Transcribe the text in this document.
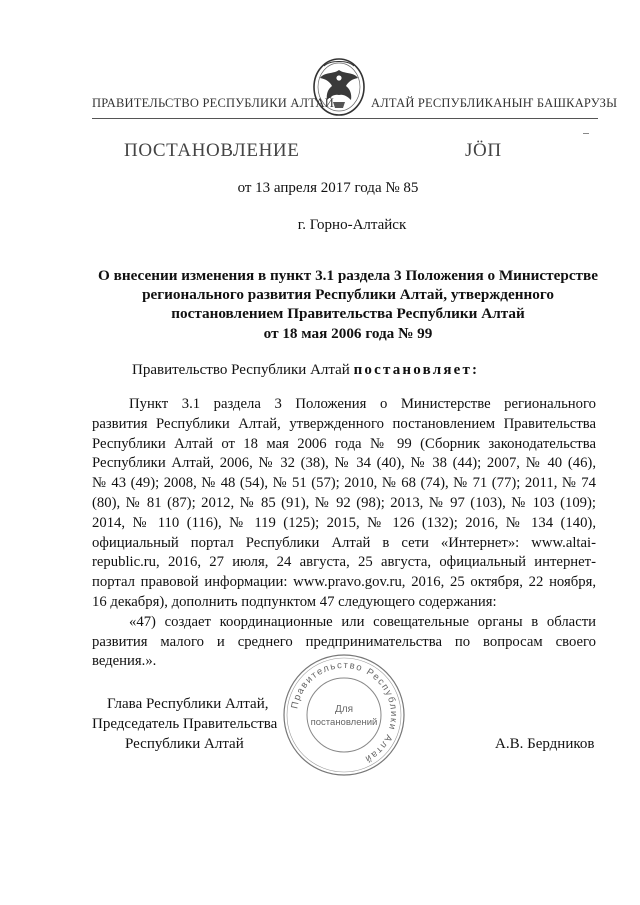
ПРАВИТЕЛЬСТВО РЕСПУБЛИКИ АЛТАЙ	АЛТАЙ РЕСПУБЛИКАНЫҤ БАШКАРУЗЫ
ПОСТАНОВЛЕНИЕ	ЈӦП
от 13 апреля 2017 года № 85
г. Горно-Алтайск
О внесении изменения в пункт 3.1 раздела 3 Положения о Министерстве
регионального развития Республики Алтай, утвержденного
постановлением Правительства Республики Алтай
от 18 мая 2006 года № 99
Правительство Республики Алтай постановляет:
Пункт 3.1 раздела 3 Положения о Министерстве регионального
развития Республики Алтай, утвержденного постановлением Правительства
Республики Алтай от 18 мая 2006 года № 99 (Сборник законодательства
Республики Алтай, 2006, № 32 (38), № 34 (40), № 38 (44); 2007, № 40 (46),
№ 43 (49); 2008, № 48 (54), № 51 (57); 2010, № 68 (74), № 71 (77); 2011, № 74
(80), № 81 (87); 2012, № 85 (91), № 92 (98); 2013, № 97 (103), № 103 (109);
2014, № 110 (116), № 119 (125); 2015, № 126 (132); 2016, № 134 (140),
официальный портал Республики Алтай в сети «Интернет»: www.altai-
republic.ru, 2016, 27 июля, 24 августа, 25 августа, официальный интернет-
портал правовой информации: www.pravo.gov.ru, 2016, 25 октября, 22 ноября,
16 декабря), дополнить подпунктом 47 следующего содержания:
«47) создает координационные или совещательные органы в области
развития малого и среднего предпринимательства по вопросам своего
ведения.».
Правительство Республики Алтай
Для
постановлений
Глава Республики Алтай,
Председатель Правительства
Республики Алтай	А.В. Бердников
